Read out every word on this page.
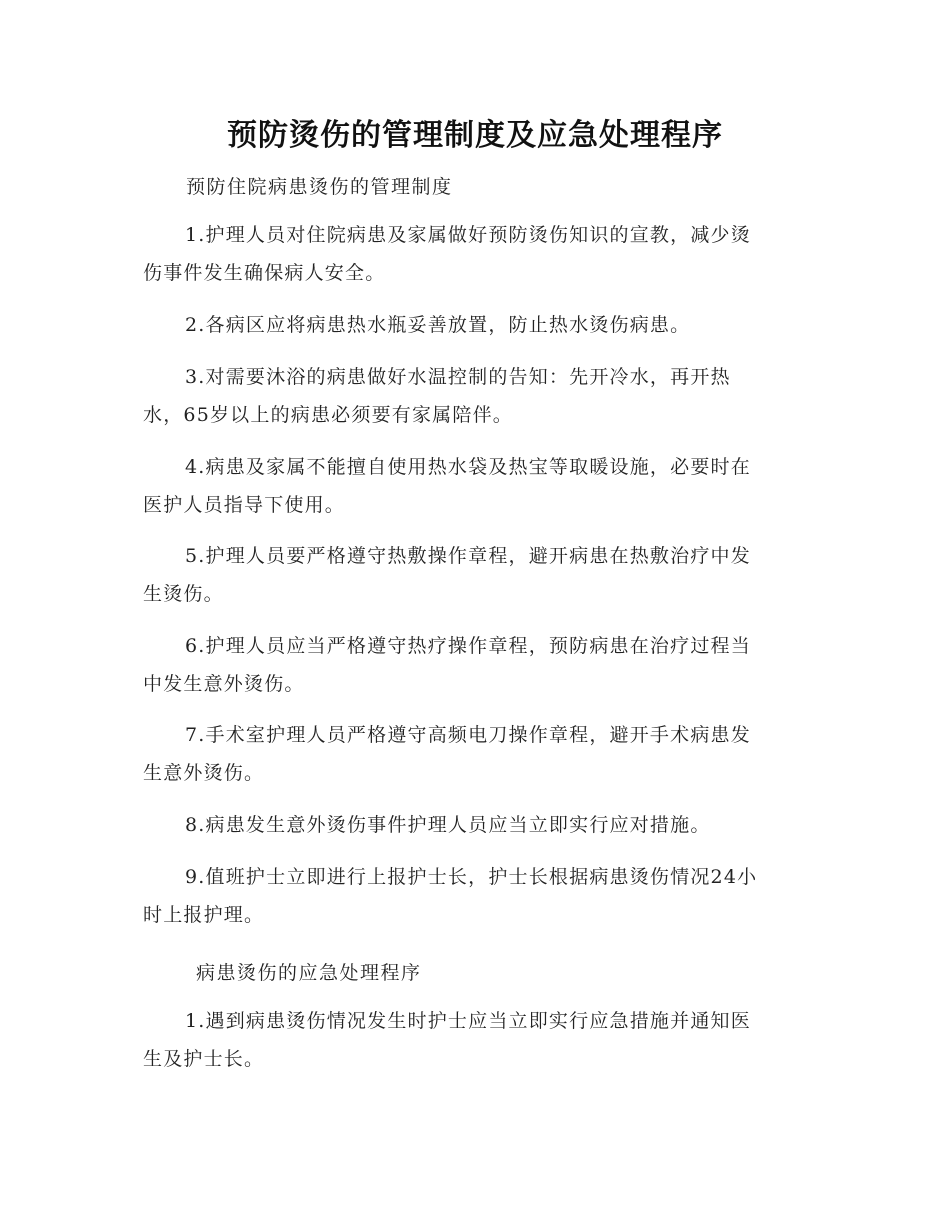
预防烫伤的管理制度及应急处理程序

预防住院病患烫伤的管理制度

1.护理人员对住院病患及家属做好预防烫伤知识的宣教，减少烫
伤事件发生确保病人安全。
2.各病区应将病患热水瓶妥善放置，防止热水烫伤病患。
3.对需要沐浴的病患做好水温控制的告知：先开冷水，再开热
水，65岁以上的病患必须要有家属陪伴。
4.病患及家属不能擅自使用热水袋及热宝等取暖设施，必要时在
医护人员指导下使用。
5.护理人员要严格遵守热敷操作章程，避开病患在热敷治疗中发
生烫伤。
6.护理人员应当严格遵守热疗操作章程，预防病患在治疗过程当
中发生意外烫伤。
7.手术室护理人员严格遵守高频电刀操作章程，避开手术病患发
生意外烫伤。
8.病患发生意外烫伤事件护理人员应当立即实行应对措施。
9.值班护士立即进行上报护士长，护士长根据病患烫伤情况24小
时上报护理。

病患烫伤的应急处理程序

1.遇到病患烫伤情况发生时护士应当立即实行应急措施并通知医
生及护士长。
